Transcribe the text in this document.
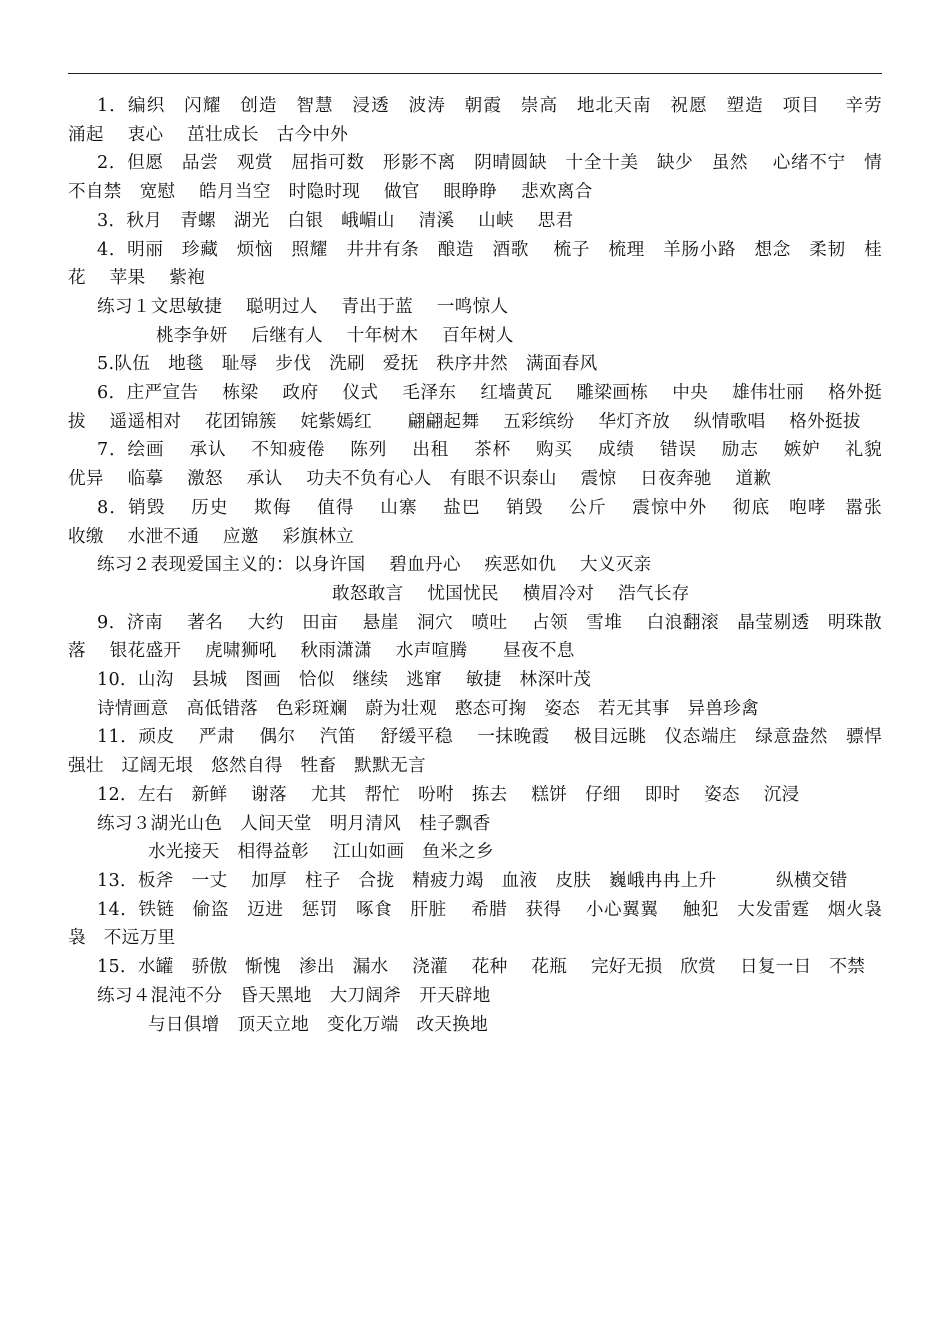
1．编织　闪耀　创造　智慧　浸透　波涛　朝霞　崇高　地北天南　祝愿　塑造　项目　 辛劳　 涌起　 衷心　 茁壮成长　古今中外

2．但愿　品尝　观赏　屈指可数　形影不离　阴晴圆缺　十全十美　缺少　虽然　 心绪不宁　情不自禁　宽慰　 皓月当空　时隐时现　 做官　 眼睁睁　 悲欢离合

3．秋月　青螺　湖光　白银　峨嵋山　 清溪　 山峡　 思君

4．明丽　珍藏　烦恼　照耀　井井有条　酿造　酒歌　 梳子　梳理　羊肠小路　想念　柔韧　桂花　 苹果　 紫袍

练习１文思敏捷　 聪明过人　 青出于蓝　 一鸣惊人

桃李争妍　 后继有人　 十年树木　 百年树人

5.队伍　地毯　耻辱　步伐　洗刷　爱抚　秩序井然　满面春风

6．庄严宣告　 栋梁　 政府　 仪式　 毛泽东　 红墙黄瓦　 雕梁画栋　 中央　 雄伟壮丽　 格外挺拔　 遥遥相对　 花团锦簇　 姹紫嫣红　　翩翩起舞　 五彩缤纷　 华灯齐放　 纵情歌唱　 格外挺拔

7．绘画　 承认　 不知疲倦　 陈列　 出租　 茶杯　 购买　 成绩　 错误　 励志　 嫉妒　 礼貌　 优异　 临摹　 激怒　 承认　 功夫不负有心人　有眼不识泰山　 震惊　 日夜奔驰　 道歉

8．销毁　 历史　 欺侮　 值得　 山寨　 盐巴　 销毁　 公斤　 震惊中外　 彻底　咆哮　嚣张　 收缴　 水泄不通　 应邀　 彩旗林立

练习２表现爱国主义的：以身许国　 碧血丹心　 疾恶如仇　 大义灭亲

敢怒敢言　 忧国忧民　 横眉冷对　 浩气长存

9．济南　 著名　 大约　田亩　 悬崖　洞穴　喷吐　 占领　雪堆　 白浪翻滚　晶莹剔透　明珠散落　 银花盛开　 虎啸狮吼　 秋雨潇潇　 水声喧腾　　昼夜不息

10．山沟　县城　图画　恰似　继续　逃窜　 敏捷　林深叶茂

诗情画意　高低错落　色彩斑斓　蔚为壮观　憨态可掬　姿态　若无其事　异兽珍禽

11．顽皮　 严肃　 偶尔　 汽笛　 舒缓平稳　 一抹晚霞　 极目远眺　仪态端庄　绿意盎然　骠悍强壮　辽阔无垠　悠然自得　牲畜　默默无言

12．左右　新鲜　 谢落　 尤其　帮忙　吩咐　拣去　 糕饼　仔细　 即时　 姿态　 沉浸

练习３湖光山色　人间天堂　明月清风　桂子飘香

水光接天　相得益彰　 江山如画　鱼米之乡

13．板斧　一丈　 加厚　柱子　合拢　精疲力竭　血液　皮肤　巍峨冉冉上升　　　 纵横交错

14．铁链　偷盗　迈进　惩罚　啄食　肝脏　 希腊　获得　 小心翼翼　 触犯　大发雷霆　烟火袅袅　不远万里

15．水罐　骄傲　惭愧　渗出　漏水　 浇灌　 花种　 花瓶　 完好无损　欣赏　 日复一日　不禁

练习４混沌不分　昏天黑地　大刀阔斧　开天辟地

与日俱增　顶天立地　变化万端　改天换地
